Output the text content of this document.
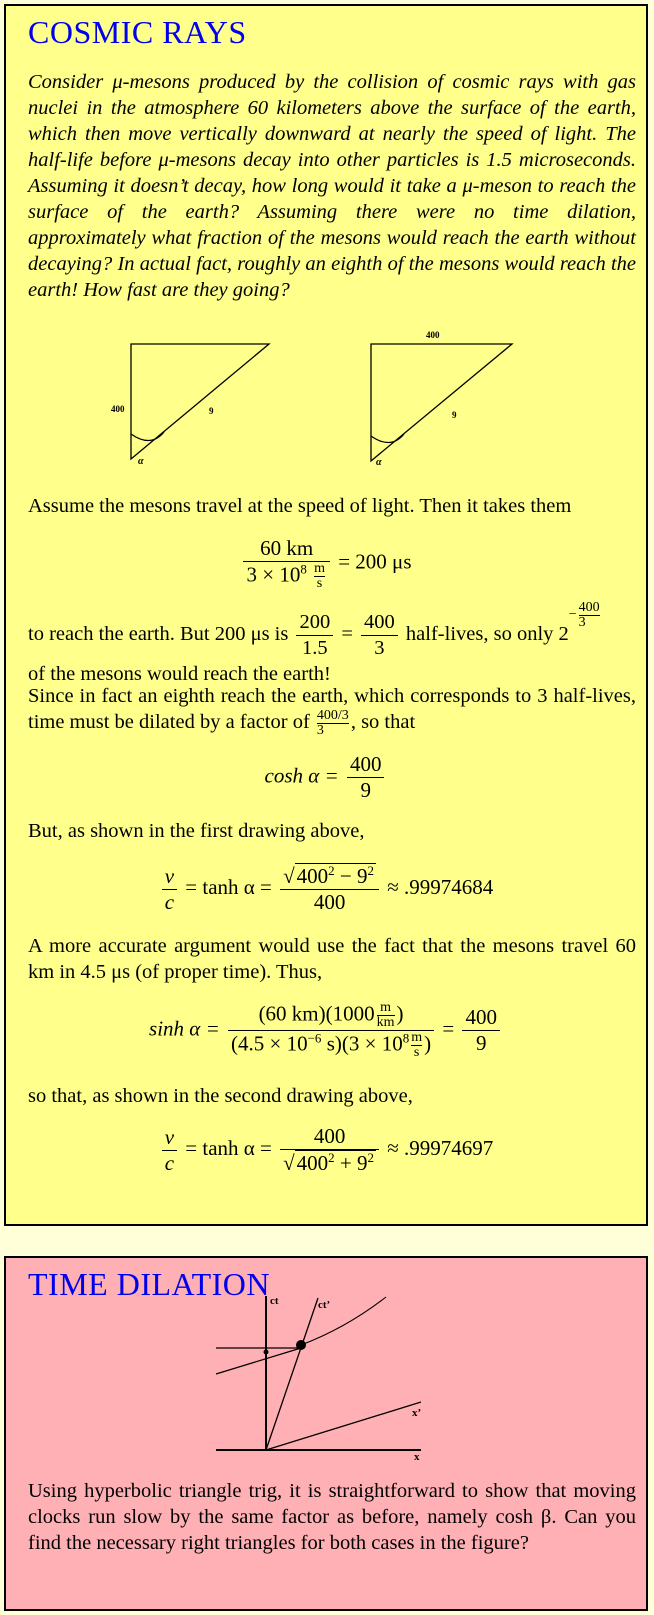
COSMIC RAYS

Consider μ-mesons produced by the collision of cosmic rays with gas nuclei in the atmosphere 60 kilometers above the surface of the earth, which then move vertically downward at nearly the speed of light. The half-life before μ-mesons decay into other particles is 1.5 microseconds. Assuming it doesn’t decay, how long would it take a μ-meson to reach the surface of the earth? Assuming there were no time dilation, approximately what fraction of the mesons would reach the earth without decaying? In actual fact, roughly an eighth of the mesons would reach the earth! How fast are they going?

400	9
α
400
9
α

Assume the mesons travel at the speed of light. Then it takes them

$\frac{60 km}{3 \times 10^8 \frac{m}{s}} = 200$ μs
to reach the earth. But 200 μs is $\frac{200}{1.5} = \frac{400}{3}$ half-lives, so only $2^{- \frac{400}{3}}$

of the mesons would reach the earth!
Since in fact an eighth reach the earth, which corresponds to 3 half-lives, time must be dilated by a factor of $\frac{400/3}{3}$ , so that
$\cosh \alpha = \frac{400}{9}$

But, as shown in the first drawing above,

$\frac{v}{c} = \tanh \alpha = \frac{√400^2 - 9^2}{400} \approx .99974684$

A more accurate argument would use the fact that the mesons travel 60 km in 4.5 μs (of proper time). Thus,

$\sinh \alpha = \frac{(60 km)(1000 \frac{m}{km} )}{(4.5 \times 10^{-6} s)(3 \times 10^8 \frac{m}{s} )} = \frac{400}{9}$

so that, as shown in the second drawing above,

$\frac{v}{c} = \tanh \alpha = \frac{400}{√400^2 + 9^2} \approx .99974697$
TIME DILATION ct	ct’
x’
x

Using hyperbolic triangle trig, it is straightforward to show that moving clocks run slow by the same factor as before, namely cosh β. Can you find the necessary right triangles for both cases in the figure?
